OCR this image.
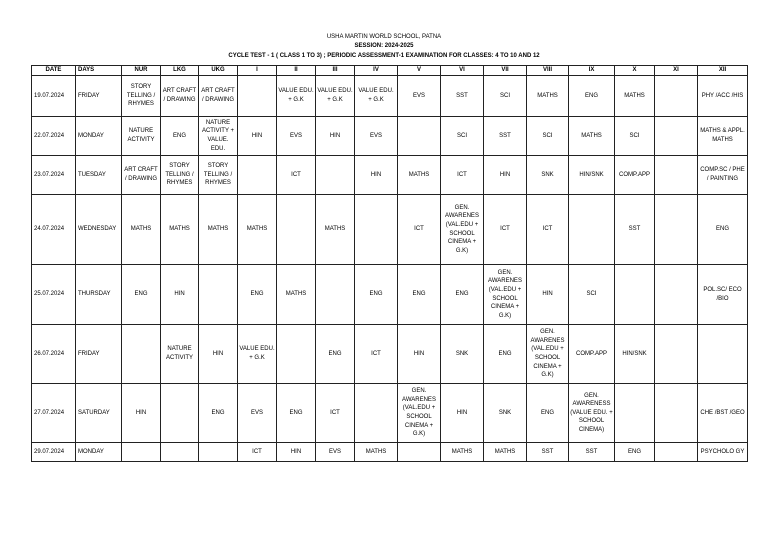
USHA MARTIN WORLD SCHOOL, PATNA
SESSION: 2024-2025
CYCLE TEST - 1 ( CLASS 1 TO 3) ; PERIODIC ASSESSMENT-1 EXAMINATION FOR CLASSES: 4 TO 10 AND 12
DATE	DAYS	NUR	LKG	UKG	I	II	III	IV	V	VI	VII	VIII	IX	X	XI	XII
19.07.2024	FRIDAY	STORY TELLING / RHYMES	ART CRAFT / DRAWING	ART CRAFT / DRAWING		VALUE EDU. + G.K	VALUE EDU. + G.K	VALUE EDU. + G.K	EVS	SST	SCI	MATHS	ENG	MATHS		PHY /ACC /HIS
22.07.2024	MONDAY	NATURE ACTIVITY	ENG	NATURE ACTIVITY + VALUE. EDU.	HIN	EVS	HIN	EVS		SCI	SST	SCI	MATHS	SCI		MATHS & APPL. MATHS
23.07.2024	TUESDAY	ART CRAFT / DRAWING	STORY TELLING / RHYMES	STORY TELLING / RHYMES		ICT		HIN	MATHS	ICT	HIN	SNK	HIN/SNK	COMP.APP		COMP.SC / PHE / PAINTING
24.07.2024	WEDNESDAY	MATHS	MATHS	MATHS	MATHS		MATHS		ICT	GEN. AWARENES (VAL.EDU + SCHOOL CINEMA + G.K)	ICT	ICT		SST		ENG
25.07.2024	THURSDAY	ENG	HIN		ENG	MATHS		ENG	ENG	ENG	GEN. AWARENES (VAL.EDU + SCHOOL CINEMA + G.K)	HIN	SCI			POL.SC/ ECO /BIO
26.07.2024	FRIDAY		NATURE ACTIVITY	HIN	VALUE EDU. + G.K		ENG	ICT	HIN	SNK	ENG	GEN. AWARENES (VAL.EDU + SCHOOL CINEMA + G.K)	COMP.APP	HIN/SNK		
27.07.2024	SATURDAY	HIN		ENG	EVS	ENG	ICT		GEN. AWARENES (VAL.EDU + SCHOOL CINEMA + G.K)	HIN	SNK	ENG	GEN. AWARENESS (VALUE EDU. + SCHOOL CINEMA)			CHE /BST /GEO
29.07.2024	MONDAY				ICT	HIN	EVS	MATHS		MATHS	MATHS	SST	SST	ENG		PSYCHOLO GY
